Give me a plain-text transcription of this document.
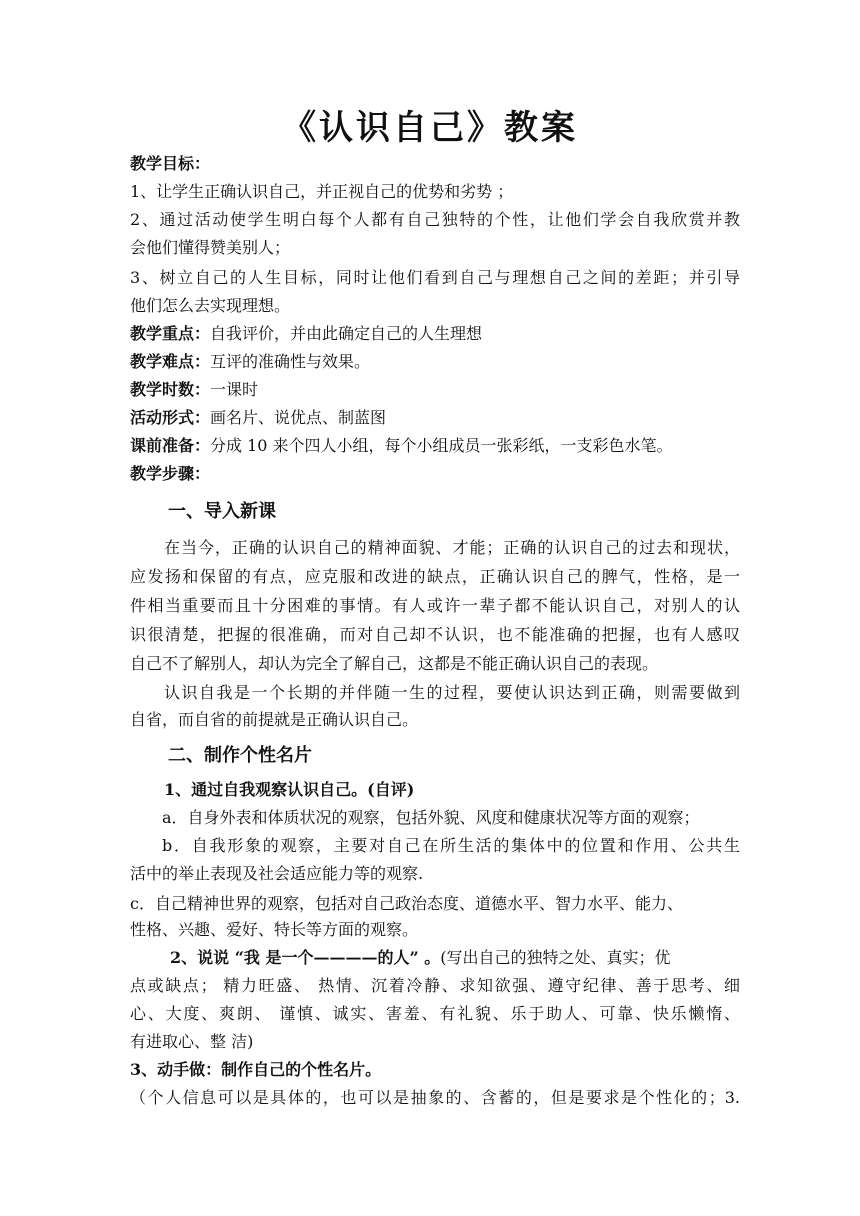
《认识自己》教案
教学目标：
1、让学生正确认识自己，并正视自己的优势和劣势 ；
2、通过活动使学生明白每个人都有自己独特的个性，让他们学会自我欣赏并教
会他们懂得赞美别人；
3、树立自己的人生目标，同时让他们看到自己与理想自己之间的差距；并引导
他们怎么去实现理想。
教学重点：自我评价，并由此确定自己的人生理想
教学难点：互评的准确性与效果。
教学时数：一课时
活动形式：画名片、说优点、制蓝图
课前准备：分成 10 来个四人小组，每个小组成员一张彩纸，一支彩色水笔。
教学步骤：
一、导入新课
在当今，正确的认识自己的精神面貌、才能；正确的认识自己的过去和现状，
应发扬和保留的有点，应克服和改进的缺点，正确认识自己的脾气，性格，是一
件相当重要而且十分困难的事情。有人或许一辈子都不能认识自己，对别人的认
识很清楚，把握的很准确，而对自己却不认识，也不能准确的把握，也有人感叹
自己不了解别人，却认为完全了解自己，这都是不能正确认识自己的表现。
认识自我是一个长期的并伴随一生的过程，要使认识达到正确，则需要做到
自省，而自省的前提就是正确认识自己。
二、制作个性名片
1、通过自我观察认识自己。(自评)
a．自身外表和体质状况的观察，包括外貌、风度和健康状况等方面的观察；
b．自我形象的观察，主要对自己在所生活的集体中的位置和作用、公共生
活中的举止表现及社会适应能力等的观察.
c．自己精神世界的观察，包括对自己政治态度、道德水平、智力水平、能力、
性格、兴趣、爱好、特长等方面的观察。
2、说说 “我 是一个————的人” 。(写出自己的独特之处、真实；优
点或缺点； 精力旺盛、 热情、沉着冷静、求知欲强、遵守纪律、善于思考、细
心、大度、爽朗、 谨慎、诚实、害羞、有礼貌、乐于助人、可靠、快乐懒惰、
有进取心、整 洁)
3、动手做：制作自己的个性名片。
（个人信息可以是具体的，也可以是抽象的、含蓄的，但是要求是个性化的；3.
